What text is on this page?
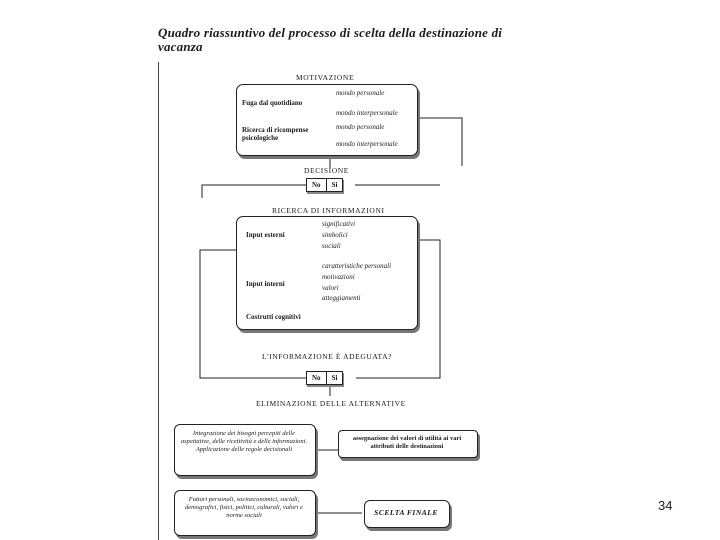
Quadro riassuntivo del processo di scelta della destinazione di vacanza
MOTIVAZIONE
Fuga dal quotidiano
mondo personale
mondo interpersonale
Ricerca di ricompense psicologiche
mondo personale
mondo interpersonale
DECISIONE
No	Si
RICERCA DI INFORMAZIONI
Input esterni
significativi
simbolici
sociali
Input interni
caratteristiche personali
motivazioni
valori
atteggiamenti
Costrutti cognitivi
L'INFORMAZIONE È ADEGUATA?
No	Si
ELIMINAZIONE DELLE ALTERNATIVE
Integrazione dei bisogni percepiti delle aspettative, delle ricettività e delle informazioni. Applicazione delle regole decisionali
assegnazione dei valori di utilità ai vari attributi delle destinazioni
Fattori personali, socioeconomici, sociali, demografici, fisici, politici, culturali, valori e norme sociali	SCELTA FINALE	34
